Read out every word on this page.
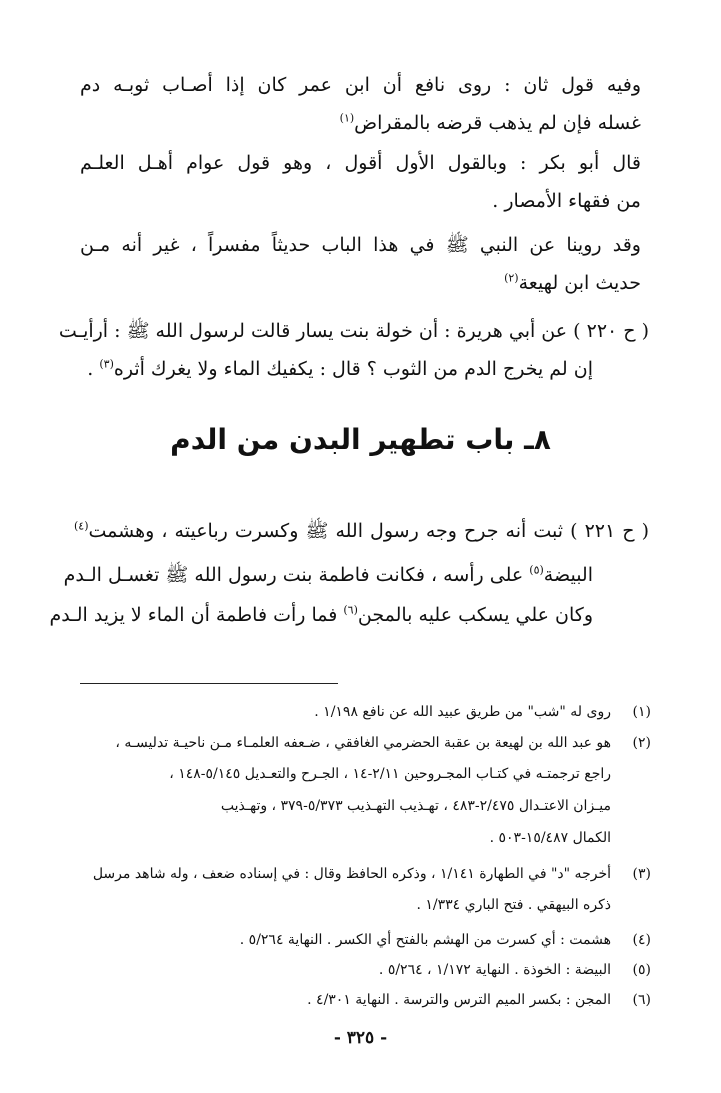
وفيه قول ثان : روى نافع أن ابن عمر كان إذا أصـاب ثوبـه دم
غسله فإن لم يذهب قرضه بالمقراض$^{(١)}$
قال أبو بكر : وبالقول الأول أقول ، وهو قول عوام أهـل العلـم
من فقهاء الأمصار .
وقد روينا عن النبي ﷺ في هذا الباب حديثاً مفسراً ، غير أنه مـن
حديث ابن لهيعة$^{(٢)}$
( ح ٢٢٠ ) عن أبي هريرة : أن خولة بنت يسار قالت لرسول الله ﷺ : أرأيـت
إن لم يخرج الدم من الثوب ؟ قال : يكفيك الماء ولا يغرك أثره$^{(٣)}$ .
٨ـ باب تطهير البدن من الدم
( ح ٢٢١ ) ثبت أنه جرح وجه رسول الله ﷺ وكسرت رباعيته ، وهشمت$^{(٤)}$
البيضة$^{(٥)}$ على رأسه ، فكانت فاطمة بنت رسول الله ﷺ تغسـل الـدم
وكان علي يسكب عليه بالمجن$^{(٦)}$ فما رأت فاطمة أن الماء لا يزيد الـدم
(١)
روى له "شب" من طريق عبيد الله عن نافع ١/١٩٨ .
(٢)
هو عبد الله بن لهيعة بن عقبة الحضرمي الغافقي ، ضـعفه العلمـاء مـن ناحيـة تدليسـه ،
راجع ترجمتـه في كتـاب المجـروحين ٢/١١-١٤ ، الجـرح والتعـديل ٥/١٤٥-١٤٨ ،
ميـزان الاعتـدال ٢/٤٧٥-٤٨٣ ، تهـذيب التهـذيب ٥/٣٧٣-٣٧٩ ، وتهـذيب
الكمال ١٥/٤٨٧-٥٠٣ .
(٣)
أخرجه "د" في الطهارة ١/١٤١ ، وذكره الحافظ وقال : في إسناده ضعف ، وله شاهد مرسل
ذكره البيهقي . فتح الباري ١/٣٣٤ .
(٤)
هشمت : أي كسرت من الهشم بالفتح أي الكسر . النهاية ٥/٢٦٤ .
(٥)
البيضة : الخوذة . النهاية ١/١٧٢ ، ٥/٢٦٤ .
(٦)
المجن : بكسر الميم الترس والترسة . النهاية ٤/٣٠١ .
- ٣٢٥ -
